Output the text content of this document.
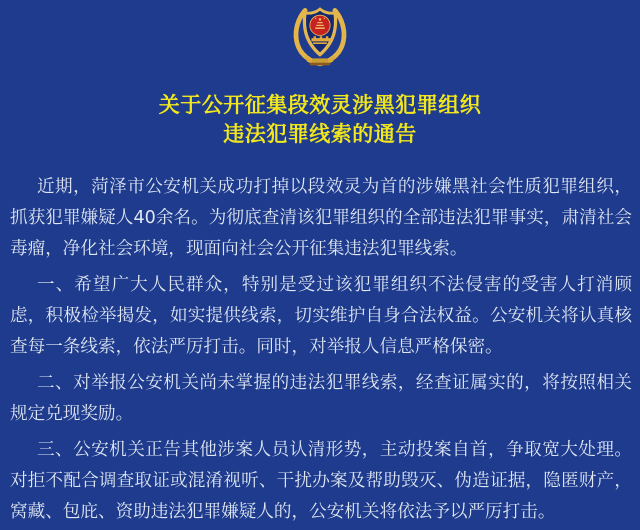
关于公开征集段效灵涉黑犯罪组织
违法犯罪线索的通告

近期，菏泽市公安机关成功打掉以段效灵为首的涉嫌黑社会性质犯罪组织，抓获犯罪嫌疑人40余名。为彻底查清该犯罪组织的全部违法犯罪事实，肃清社会毒瘤，净化社会环境，现面向社会公开征集违法犯罪线索。

一、希望广大人民群众，特别是受过该犯罪组织不法侵害的受害人打消顾虑，积极检举揭发，如实提供线索，切实维护自身合法权益。公安机关将认真核查每一条线索，依法严厉打击。同时，对举报人信息严格保密。

二、对举报公安机关尚未掌握的违法犯罪线索，经查证属实的，将按照相关规定兑现奖励。

三、公安机关正告其他涉案人员认清形势，主动投案自首，争取宽大处理。对拒不配合调查取证或混淆视听、干扰办案及帮助毁灭、伪造证据，隐匿财产，窝藏、包庇、资助违法犯罪嫌疑人的，公安机关将依法予以严厉打击。
